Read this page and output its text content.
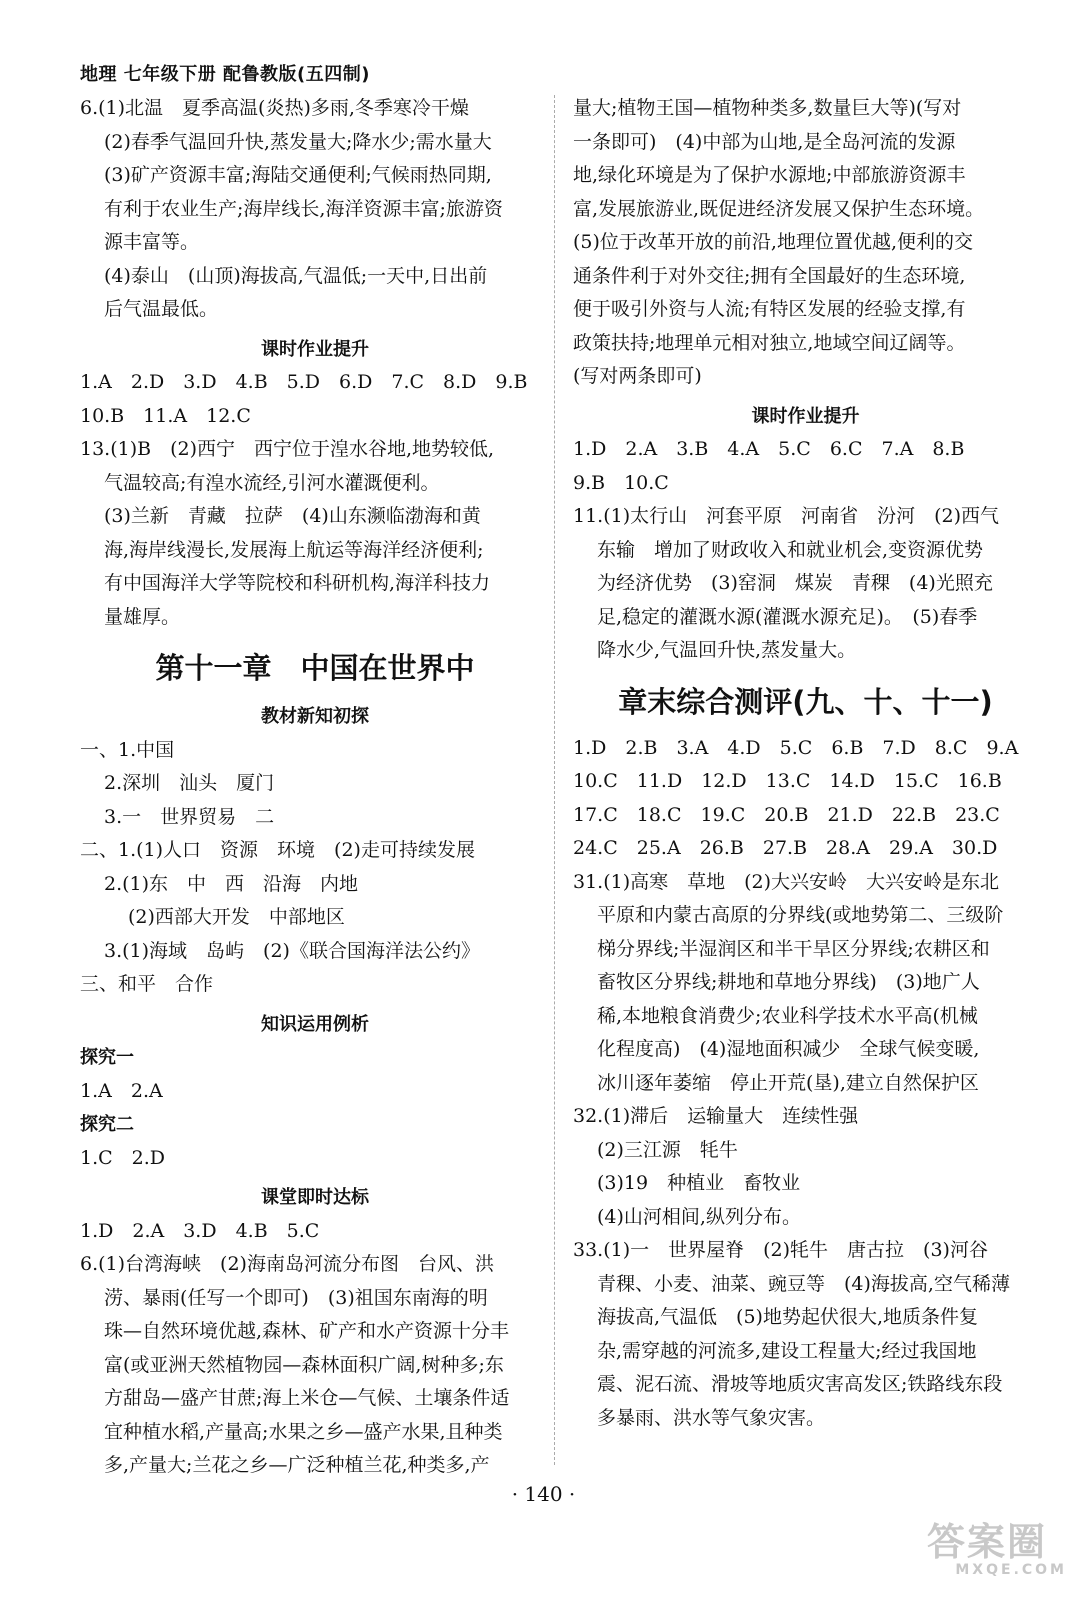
地理 七年级下册 配鲁教版(五四制)
6.(1)北温　夏季高温(炎热)多雨,冬季寒冷干燥
(2)春季气温回升快,蒸发量大;降水少;需水量大
(3)矿产资源丰富;海陆交通便利;气候雨热同期,
有利于农业生产;海岸线长,海洋资源丰富;旅游资
源丰富等。
(4)泰山　(山顶)海拔高,气温低;一天中,日出前
后气温最低。
课时作业提升
1.A　2.D　3.D　4.B　5.D　6.D　7.C　8.D　9.B
10.B　11.A　12.C
13.(1)B　(2)西宁　西宁位于湟水谷地,地势较低,
气温较高;有湟水流经,引河水灌溉便利。
(3)兰新　青藏　拉萨　(4)山东濒临渤海和黄
海,海岸线漫长,发展海上航运等海洋经济便利;
有中国海洋大学等院校和科研机构,海洋科技力
量雄厚。
第十一章　中国在世界中
教材新知初探
一、1.中国
2.深圳　汕头　厦门
3.一　世界贸易　二
二、1.(1)人口　资源　环境　(2)走可持续发展
2.(1)东　中　西　沿海　内地
(2)西部大开发　中部地区
3.(1)海域　岛屿　(2)《联合国海洋法公约》
三、和平　合作
知识运用例析
探究一
1.A　2.A
探究二
1.C　2.D
课堂即时达标
1.D　2.A　3.D　4.B　5.C
6.(1)台湾海峡　(2)海南岛河流分布图　台风、洪
涝、暴雨(任写一个即可)　(3)祖国东南海的明
珠—自然环境优越,森林、矿产和水产资源十分丰
富(或亚洲天然植物园—森林面积广阔,树种多;东
方甜岛—盛产甘蔗;海上米仓—气候、土壤条件适
宜种植水稻,产量高;水果之乡—盛产水果,且种类
多,产量大;兰花之乡—广泛种植兰花,种类多,产
量大;植物王国—植物种类多,数量巨大等)(写对
一条即可)　(4)中部为山地,是全岛河流的发源
地,绿化环境是为了保护水源地;中部旅游资源丰
富,发展旅游业,既促进经济发展又保护生态环境。
(5)位于改革开放的前沿,地理位置优越,便利的交
通条件利于对外交往;拥有全国最好的生态环境,
便于吸引外资与人流;有特区发展的经验支撑,有
政策扶持;地理单元相对独立,地域空间辽阔等。
(写对两条即可)
课时作业提升
1.D　2.A　3.B　4.A　5.C　6.C　7.A　8.B
9.B　10.C
11.(1)太行山　河套平原　河南省　汾河　(2)西气
东输　增加了财政收入和就业机会,变资源优势
为经济优势　(3)窑洞　煤炭　青稞　(4)光照充
足,稳定的灌溉水源(灌溉水源充足)。　(5)春季
降水少,气温回升快,蒸发量大。
章末综合测评(九、十、十一)
1.D　2.B　3.A　4.D　5.C　6.B　7.D　8.C　9.A
10.C　11.D　12.D　13.C　14.D　15.C　16.B
17.C　18.C　19.C　20.B　21.D　22.B　23.C
24.C　25.A　26.B　27.B　28.A　29.A　30.D
31.(1)高寒　草地　(2)大兴安岭　大兴安岭是东北
平原和内蒙古高原的分界线(或地势第二、三级阶
梯分界线;半湿润区和半干旱区分界线;农耕区和
畜牧区分界线;耕地和草地分界线)　(3)地广人
稀,本地粮食消费少;农业科学技术水平高(机械
化程度高)　(4)湿地面积减少　全球气候变暖,
冰川逐年萎缩　停止开荒(垦),建立自然保护区
32.(1)滞后　运输量大　连续性强
(2)三江源　牦牛
(3)19　种植业　畜牧业
(4)山河相间,纵列分布。
33.(1)一　世界屋脊　(2)牦牛　唐古拉　(3)河谷
青稞、小麦、油菜、豌豆等　(4)海拔高,空气稀薄
海拔高,气温低　(5)地势起伏很大,地质条件复
杂,需穿越的河流多,建设工程量大;经过我国地
震、泥石流、滑坡等地质灾害高发区;铁路线东段
多暴雨、洪水等气象灾害。
· 140 ·
答案圈
MXQE.COM
